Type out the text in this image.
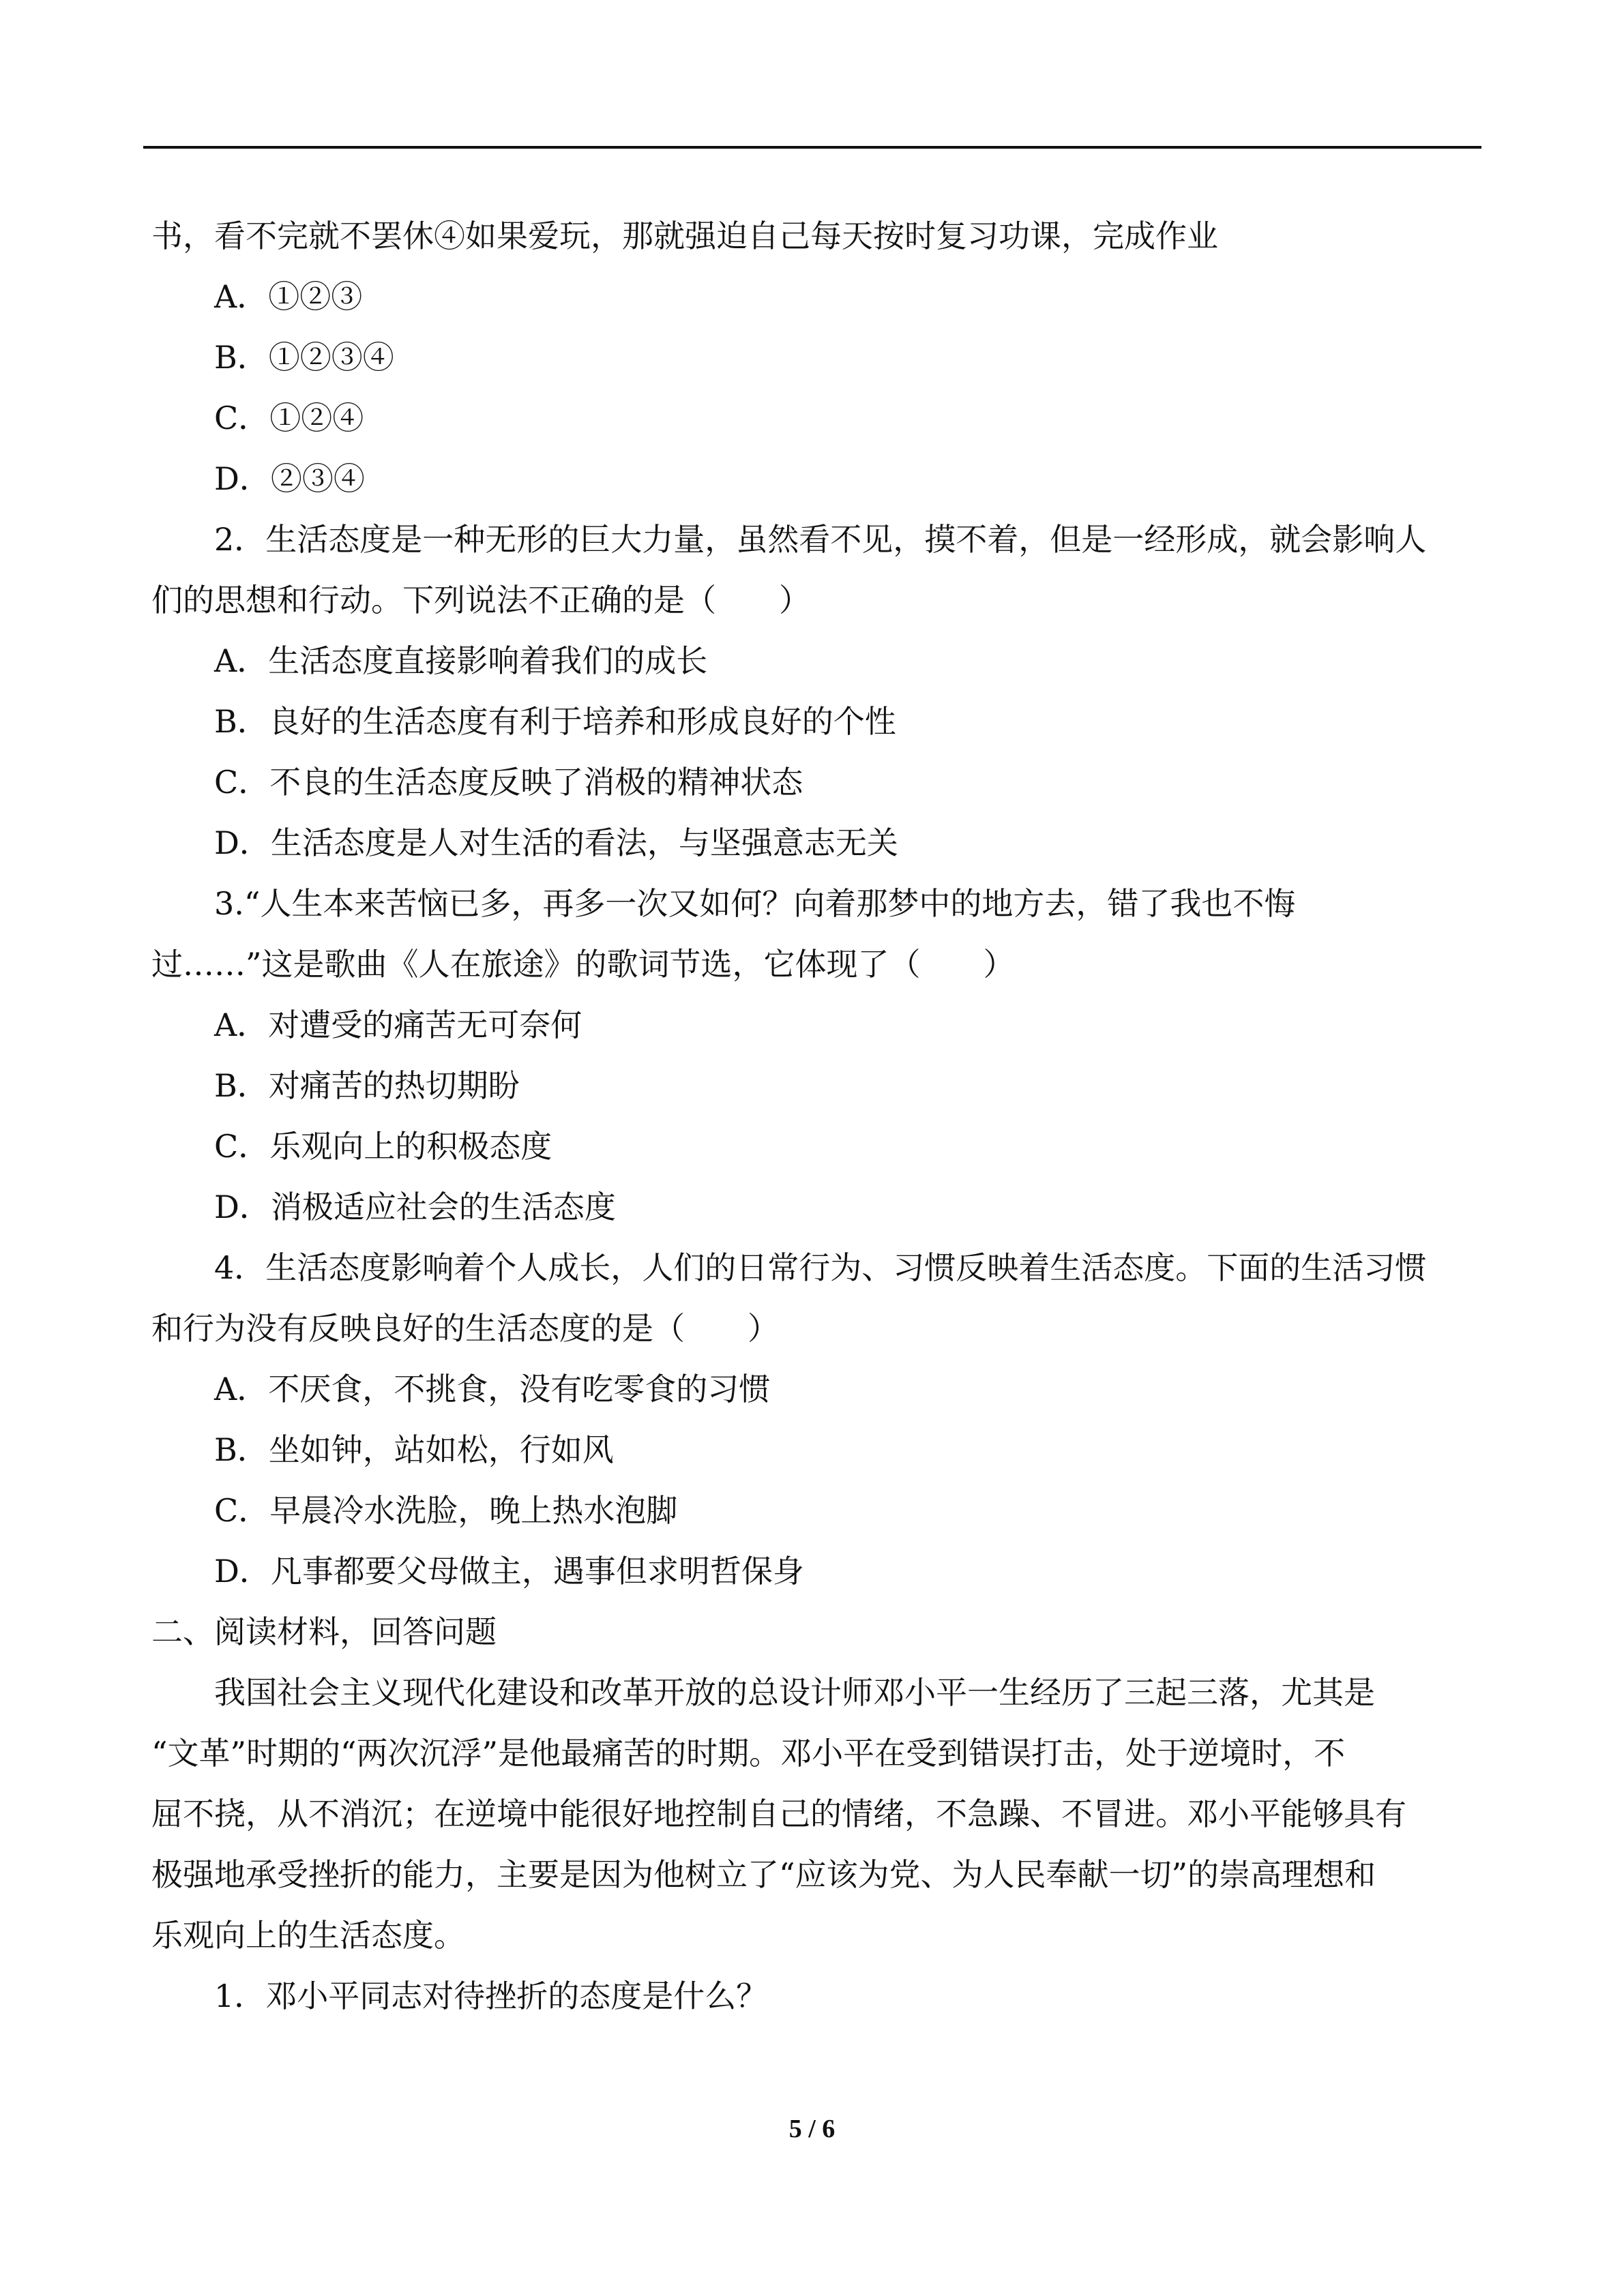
书，看不完就不罢休④如果爱玩，那就强迫自己每天按时复习功课，完成作业
A．①②③
B．①②③④
C．①②④
D．②③④
2．生活态度是一种无形的巨大力量，虽然看不见，摸不着，但是一经形成，就会影响人
们的思想和行动。下列说法不正确的是（　　）
A．生活态度直接影响着我们的成长
B．良好的生活态度有利于培养和形成良好的个性
C．不良的生活态度反映了消极的精神状态
D．生活态度是人对生活的看法，与坚强意志无关
3.“人生本来苦恼已多，再多一次又如何？向着那梦中的地方去，错了我也不悔
过……”这是歌曲《人在旅途》的歌词节选，它体现了（　　）
A．对遭受的痛苦无可奈何
B．对痛苦的热切期盼
C．乐观向上的积极态度
D．消极适应社会的生活态度
4．生活态度影响着个人成长，人们的日常行为、习惯反映着生活态度。下面的生活习惯
和行为没有反映良好的生活态度的是（　　）
A．不厌食，不挑食，没有吃零食的习惯
B．坐如钟，站如松，行如风
C．早晨冷水洗脸，晚上热水泡脚
D．凡事都要父母做主，遇事但求明哲保身
二、阅读材料，回答问题
我国社会主义现代化建设和改革开放的总设计师邓小平一生经历了三起三落，尤其是
“文革”时期的“两次沉浮”是他最痛苦的时期。邓小平在受到错误打击，处于逆境时，不
屈不挠，从不消沉；在逆境中能很好地控制自己的情绪，不急躁、不冒进。邓小平能够具有
极强地承受挫折的能力，主要是因为他树立了“应该为党、为人民奉献一切”的崇高理想和
乐观向上的生活态度。
1．邓小平同志对待挫折的态度是什么？
5 / 6
